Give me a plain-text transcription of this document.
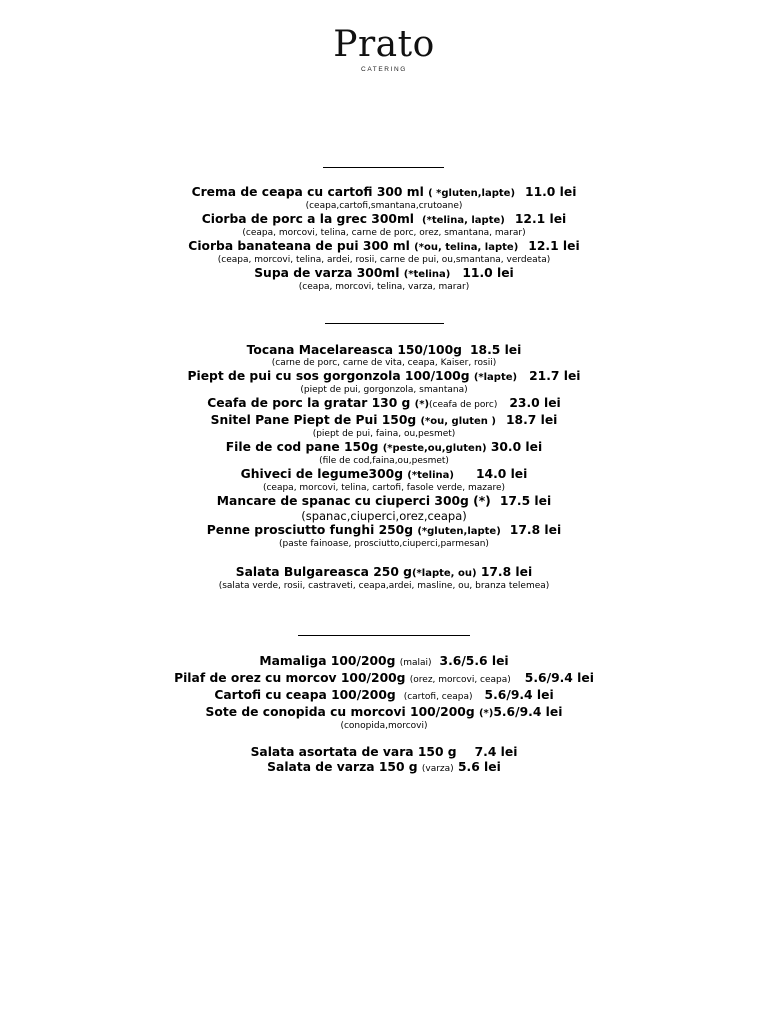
Prato
CATERING

Crema de ceapa cu cartofi 300 ml ( *gluten,lapte) 11.0 lei

(ceapa,cartofi,smantana,crutoane)

Ciorba de porc a la grec 300ml (*telina, lapte) 12.1 lei

(ceapa, morcovi, telina, carne de porc, orez, smantana, marar)

Ciorba banateana de pui 300 ml (*ou, telina, lapte) 12.1 lei

(ceapa, morcovi, telina, ardei, rosii, carne de pui, ou,smantana, verdeata)

Supa de varza 300ml (*telina) 11.0 lei

(ceapa, morcovi, telina, varza, marar)

Tocana Macelareasca 150/100g 18.5 lei

(carne de porc, carne de vita, ceapa, Kaiser, rosii)

Piept de pui cu sos gorgonzola 100/100g (*lapte) 21.7 lei

(piept de pui, gorgonzola, smantana)

Ceafa de porc la gratar 130 g (*)(ceafa de porc) 23.0 lei

Snitel Pane Piept de Pui 150g (*ou, gluten ) 18.7 lei

(piept de pui, faina, ou,pesmet)

File de cod pane 150g (*peste,ou,gluten) 30.0 lei

(file de cod,faina,ou,pesmet)

Ghiveci de legume300g (*telina) 14.0 lei

(ceapa, morcovi, telina, cartofi, fasole verde, mazare)

Mancare de spanac cu ciuperci 300g (*) 17.5 lei

(spanac,ciuperci,orez,ceapa)

Penne prosciutto funghi 250g (*gluten,lapte) 17.8 lei

(paste fainoase, prosciutto,ciuperci,parmesan)

Salata Bulgareasca 250 g(*lapte, ou) 17.8 lei

(salata verde, rosii, castraveti, ceapa,ardei, masline, ou, branza telemea)

Mamaliga 100/200g (malai) 3.6/5.6 lei

Pilaf de orez cu morcov 100/200g (orez, morcovi, ceapa) 5.6/9.4 lei

Cartofi cu ceapa 100/200g (cartofi, ceapa) 5.6/9.4 lei

Sote de conopida cu morcovi 100/200g (*)5.6/9.4 lei

(conopida,morcovi)

Salata asortata de vara 150 g 7.4 lei

Salata de varza 150 g (varza) 5.6 lei
